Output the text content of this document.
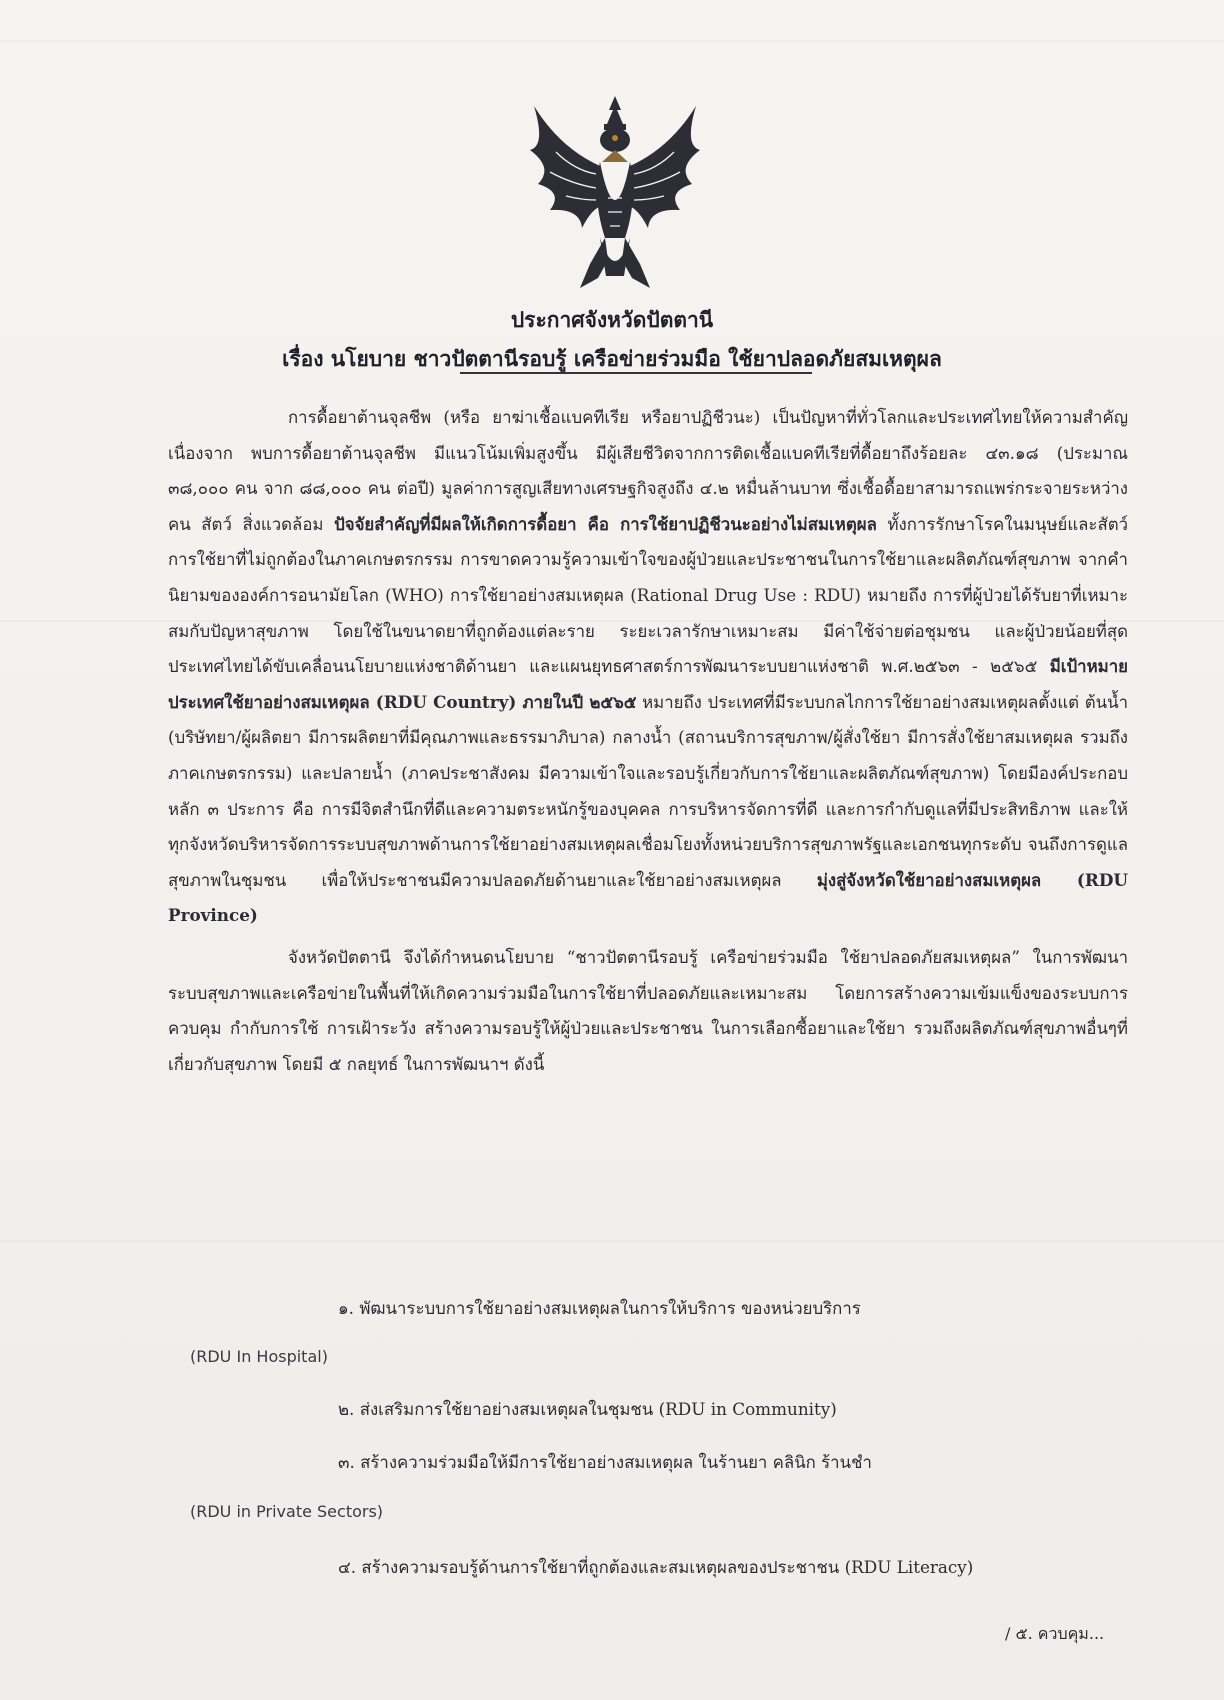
ประกาศจังหวัดปัตตานี
เรื่อง นโยบาย ชาวปัตตานีรอบรู้ เครือข่ายร่วมมือ ใช้ยาปลอดภัยสมเหตุผล

การดื้อยาต้านจุลชีพ (หรือ ยาฆ่าเชื้อแบคทีเรีย หรือยาปฏิชีวนะ) เป็นปัญหาที่ทั่วโลกและประเทศไทยให้ความสำคัญ เนื่องจาก พบการดื้อยาต้านจุลชีพ มีแนวโน้มเพิ่มสูงขึ้น มีผู้เสียชีวิตจากการติดเชื้อแบคทีเรียที่ดื้อยาถึงร้อยละ ๔๓.๑๘ (ประมาณ ๓๘,๐๐๐ คน จาก ๘๘,๐๐๐ คน ต่อปี) มูลค่าการสูญเสียทางเศรษฐกิจสูงถึง ๔.๒ หมื่นล้านบาท ซึ่งเชื้อดื้อยาสามารถแพร่กระจายระหว่างคน สัตว์ สิ่งแวดล้อม ปัจจัยสำคัญที่มีผลให้เกิดการดื้อยา คือ การใช้ยาปฏิชีวนะอย่างไม่สมเหตุผล ทั้งการรักษาโรคในมนุษย์และสัตว์ การใช้ยาที่ไม่ถูกต้องในภาคเกษตรกรรม การขาดความรู้ความเข้าใจของผู้ป่วยและประชาชนในการใช้ยาและผลิตภัณฑ์สุขภาพ จากคำนิยามขององค์การอนามัยโลก (WHO) การใช้ยาอย่างสมเหตุผล (Rational Drug Use : RDU) หมายถึง การที่ผู้ป่วยได้รับยาที่เหมาะสมกับปัญหาสุขภาพ โดยใช้ในขนาดยาที่ถูกต้องแต่ละราย ระยะเวลารักษาเหมาะสม มีค่าใช้จ่ายต่อชุมชน และผู้ป่วยน้อยที่สุด ประเทศไทยได้ขับเคลื่อนนโยบายแห่งชาติด้านยา และแผนยุทธศาสตร์การพัฒนาระบบยาแห่งชาติ พ.ศ.๒๕๖๓ - ๒๕๖๕ มีเป้าหมาย ประเทศใช้ยาอย่างสมเหตุผล (RDU Country) ภายในปี ๒๕๖๕ หมายถึง ประเทศที่มีระบบกลไกการใช้ยาอย่างสมเหตุผลตั้งแต่ ต้นน้ำ (บริษัทยา/ผู้ผลิตยา มีการผลิตยาที่มีคุณภาพและธรรมาภิบาล) กลางน้ำ (สถานบริการสุขภาพ/ผู้สั่งใช้ยา มีการสั่งใช้ยาสมเหตุผล รวมถึงภาคเกษตรกรรม) และปลายน้ำ (ภาคประชาสังคม มีความเข้าใจและรอบรู้เกี่ยวกับการใช้ยาและผลิตภัณฑ์สุขภาพ) โดยมีองค์ประกอบหลัก ๓ ประการ คือ การมีจิตสำนึกที่ดีและความตระหนักรู้ของบุคคล การบริหารจัดการที่ดี และการกำกับดูแลที่มีประสิทธิภาพ และให้ทุกจังหวัดบริหารจัดการระบบสุขภาพด้านการใช้ยาอย่างสมเหตุผลเชื่อมโยงทั้งหน่วยบริการสุขภาพรัฐและเอกชนทุกระดับ จนถึงการดูแลสุขภาพในชุมชน เพื่อให้ประชาชนมีความปลอดภัยด้านยาและใช้ยาอย่างสมเหตุผล มุ่งสู่จังหวัดใช้ยาอย่างสมเหตุผล (RDU Province)

จังหวัดปัตตานี จึงได้กำหนดนโยบาย “ชาวปัตตานีรอบรู้ เครือข่ายร่วมมือ ใช้ยาปลอดภัยสมเหตุผล” ในการพัฒนาระบบสุขภาพและเครือข่ายในพื้นที่ให้เกิดความร่วมมือในการใช้ยาที่ปลอดภัยและเหมาะสม โดยการสร้างความเข้มแข็งของระบบการควบคุม กำกับการใช้ การเฝ้าระวัง สร้างความรอบรู้ให้ผู้ป่วยและประชาชน ในการเลือกซื้อยาและใช้ยา รวมถึงผลิตภัณฑ์สุขภาพอื่นๆที่เกี่ยวกับสุขภาพ โดยมี ๕ กลยุทธ์ ในการพัฒนาฯ ดังนี้

๑. พัฒนาระบบการใช้ยาอย่างสมเหตุผลในการให้บริการ ของหน่วยบริการ
(RDU In Hospital)
๒. ส่งเสริมการใช้ยาอย่างสมเหตุผลในชุมชน (RDU in Community)
๓. สร้างความร่วมมือให้มีการใช้ยาอย่างสมเหตุผล ในร้านยา คลินิก ร้านชำ
(RDU in Private Sectors)
๔. สร้างความรอบรู้ด้านการใช้ยาที่ถูกต้องและสมเหตุผลของประชาชน (RDU Literacy)
/ ๕. ควบคุม...
